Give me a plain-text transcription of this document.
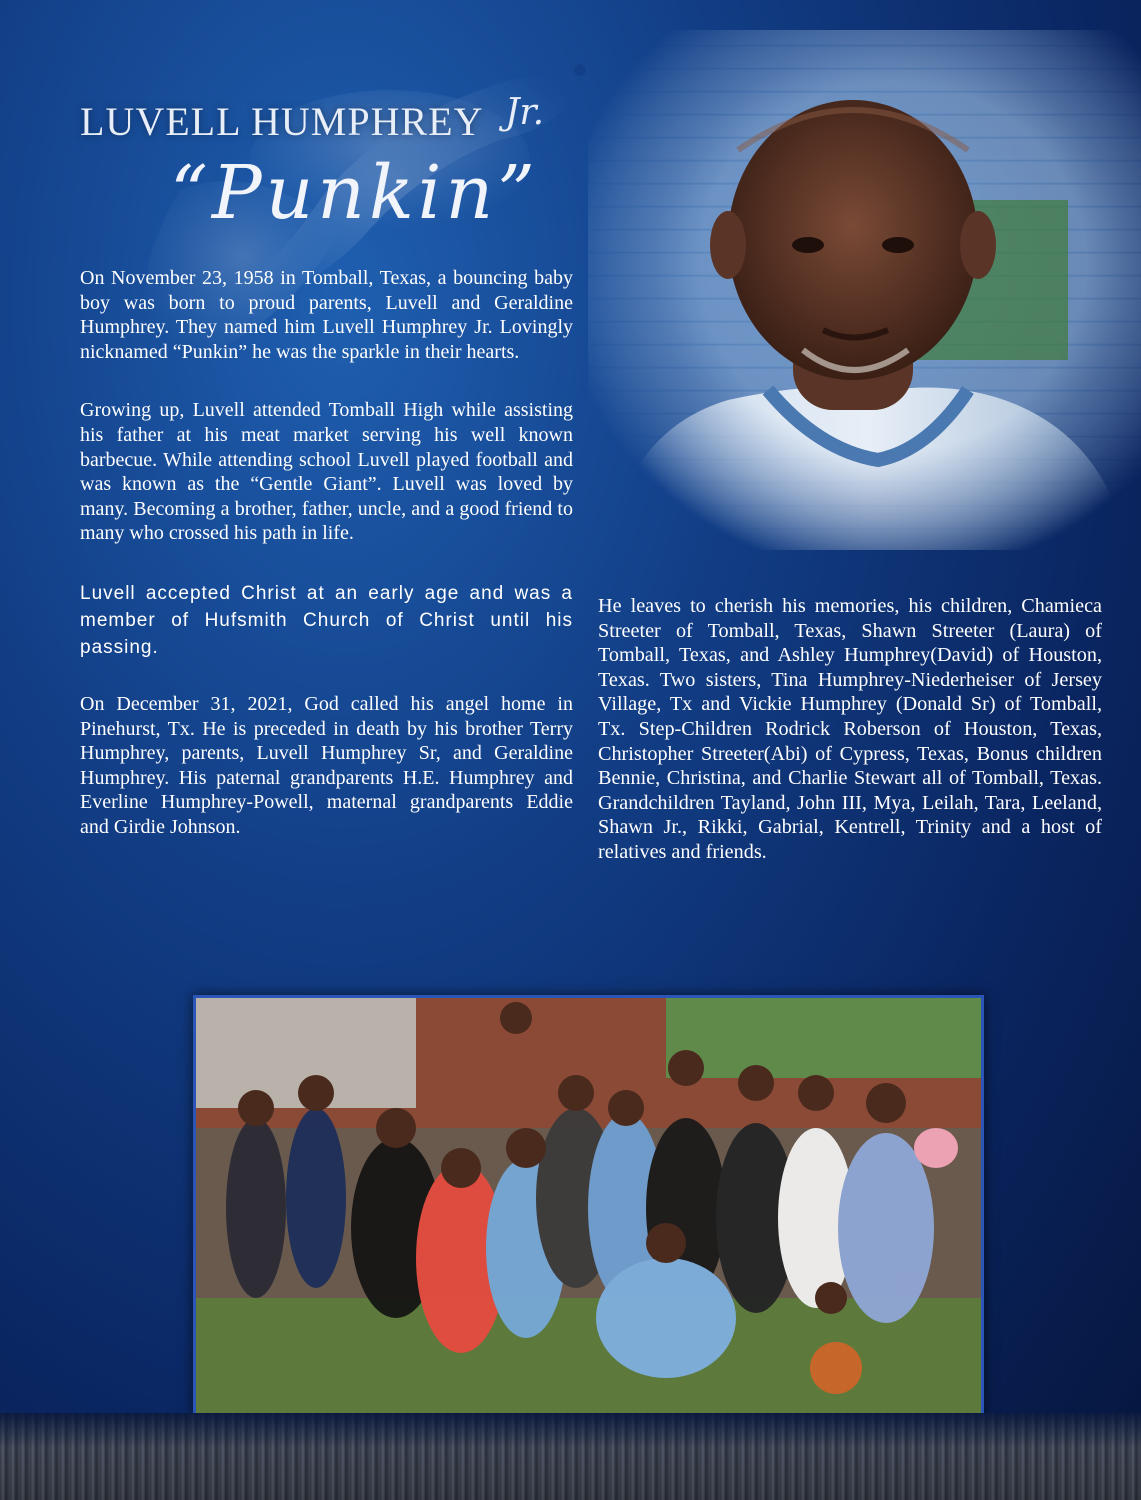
LUVELL HUMPHREY Jr.
“Punkin”

On November 23, 1958 in Tomball, Texas, a bouncing baby boy was born to proud parents, Luvell and Geraldine Humphrey. They named him Luvell Humphrey Jr. Lovingly nicknamed “Punkin” he was the sparkle in their hearts.

Growing up, Luvell attended Tomball High while assisting his father at his meat market serving his well known barbecue. While attending school Luvell played football and was known as the “Gentle Giant”. Luvell was loved by many. Becoming a brother, father, uncle, and a good friend to many who crossed his path in life.

Luvell accepted Christ at an early age and was a member of Hufsmith Church of Christ until his passing.

On December 31, 2021, God called his angel home in Pinehurst, Tx. He is preceded in death by his brother Terry Humphrey, parents, Luvell Humphrey Sr, and Geraldine Humphrey. His paternal grandparents H.E. Humphrey and Everline Humphrey-Powell, maternal grandparents Eddie and Girdie Johnson.

He leaves to cherish his memories, his children, Chamieca Streeter of Tomball, Texas, Shawn Streeter (Laura) of Tomball, Texas, and Ashley Humphrey(David) of Houston, Texas. Two sisters, Tina Humphrey-Niederheiser of Jersey Village, Tx and Vickie Humphrey (Donald Sr) of Tomball, Tx. Step-Children Rodrick Roberson of Houston, Texas, Christopher Streeter(Abi) of Cypress, Texas, Bonus children Bennie, Christina, and Charlie Stewart all of Tomball, Texas. Grandchildren Tayland, John III, Mya, Leilah, Tara, Leeland, Shawn Jr., Rikki, Gabrial, Kentrell, Trinity and a host of relatives and friends.
